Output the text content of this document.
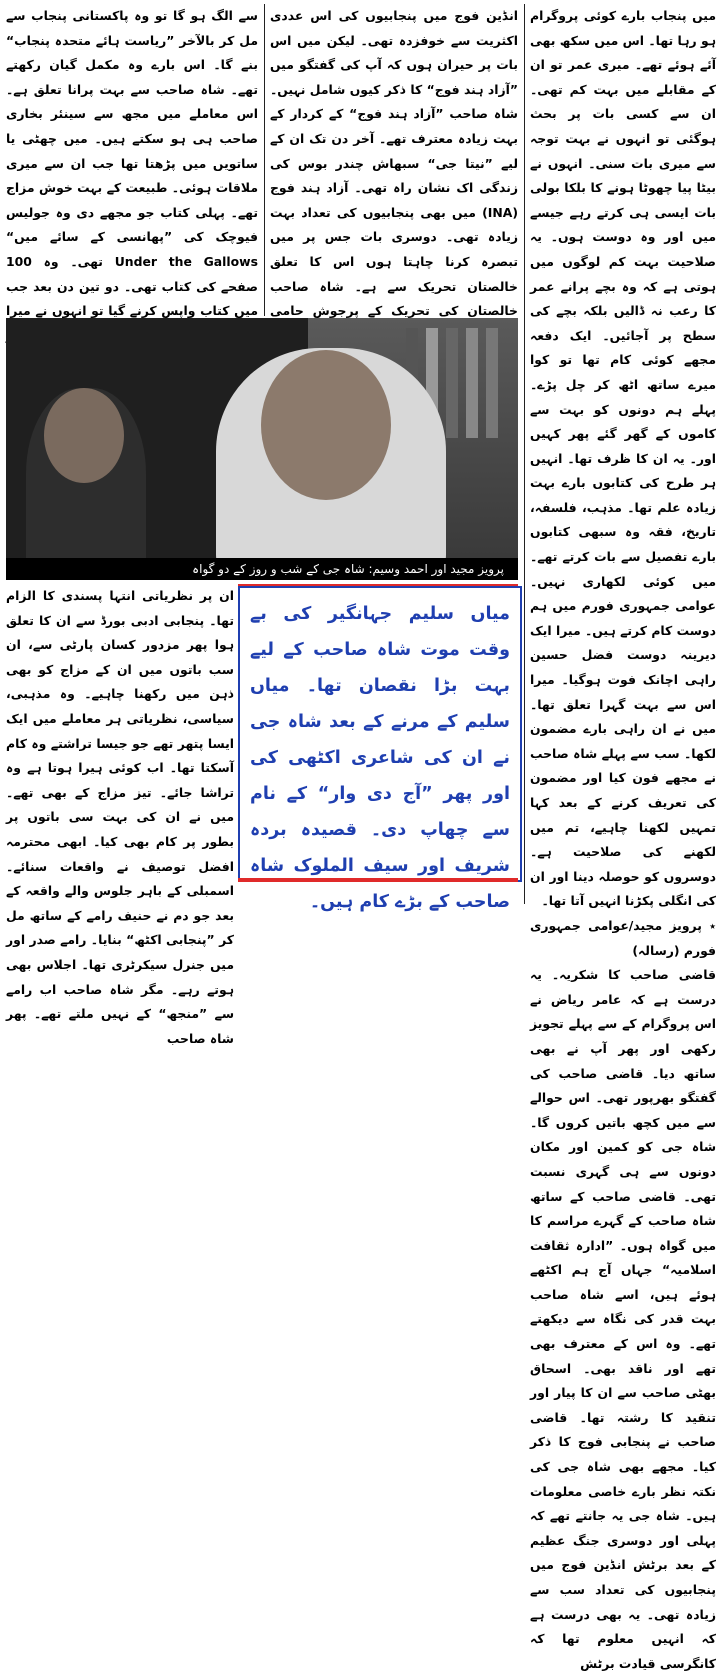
میں پنجاب بارے کوئی پروگرام ہو رہا تھا۔ اس میں سکھ بھی آئے ہوئے تھے۔ میری عمر تو ان کے مقابلے میں بہت کم تھی۔ ان سے کسی بات پر بحث ہوگئی تو انہوں نے بہت توجہ سے میری بات سنی۔ انہوں نے بیٹا پیا چھوٹا ہونے کا بلکا بولی بات ایسی ہی کرتے رہے جیسے میں اور وہ دوست ہوں۔ یہ صلاحیت بہت کم لوگوں میں ہوتی ہے کہ وہ بچے پرانے عمر کا رعب نہ ڈالیں بلکہ بچے کی سطح پر آجائیں۔ ایک دفعہ مجھے کوئی کام تھا تو کوا میرے ساتھ اٹھ کر چل پڑے۔ پہلے ہم دونوں کو بہت سے کاموں کے گھر گئے پھر کہیں اور۔ یہ ان کا ظرف تھا۔ انہیں ہر طرح کی کتابوں بارے بہت زیادہ علم تھا۔ مذہب، فلسفہ، تاریخ، فقہ وہ سبھی کتابوں بارے تفصیل سے بات کرتے تھے۔ میں کوئی لکھاری نہیں۔ عوامی جمہوری فورم میں ہم دوست کام کرتے ہیں۔ میرا ایک دیرینہ دوست فضل حسین راہی اچانک فوت ہوگیا۔ میرا اس سے بہت گہرا تعلق تھا۔ میں نے ان راہی بارے مضمون لکھا۔ سب سے پہلے شاہ صاحب نے مجھے فون کیا اور مضمون کی تعریف کرنے کے بعد کہا تمہیں لکھنا چاہیے، تم میں لکھنے کی صلاحیت ہے۔ دوسروں کو حوصلہ دینا اور ان کی انگلی پکڑنا انہیں آتا تھا۔

٭ پرویز مجید/عوامی جمہوری فورم (رسالہ)

قاضی صاحب کا شکریہ۔ یہ درست ہے کہ عامر ریاض نے اس پروگرام کے سے پہلے تجویز رکھی اور پھر آپ نے بھی ساتھ دیا۔ قاضی صاحب کی گفتگو بھرپور تھی۔ اس حوالے سے میں کچھ باتیں کروں گا۔ شاہ جی کو کمین اور مکان دونوں سے ہی گہری نسبت تھی۔ قاضی صاحب کے ساتھ شاہ صاحب کے گہرے مراسم کا میں گواہ ہوں۔ ”ادارہ ثقافت اسلامیہ“ جہاں آج ہم اکٹھے ہوئے ہیں، اسے شاہ صاحب بہت قدر کی نگاہ سے دیکھتے تھے۔ وہ اس کے معترف بھی تھے اور ناقد بھی۔ اسحاق بھٹی صاحب سے ان کا پیار اور تنقید کا رشتہ تھا۔ قاضی صاحب نے پنجابی فوج کا ذکر کیا۔ مجھے بھی شاہ جی کی نکتہ نظر بارے خاصی معلومات ہیں۔ شاہ جی یہ جانتے تھے کہ پہلی اور دوسری جنگ عظیم کے بعد برٹش انڈین فوج میں پنجابیوں کی تعداد سب سے زیادہ تھی۔ یہ بھی درست ہے کہ انہیں معلوم تھا کہ کانگرسی قیادت برٹش

انڈین فوج میں پنجابیوں کی اس عددی اکثریت سے خوفزدہ تھی۔ لیکن میں اس بات پر حیران ہوں کہ آپ کی گفتگو میں ”آزاد ہند فوج“ کا ذکر کیوں شامل نہیں۔ شاہ صاحب ”آزاد ہند فوج“ کے کردار کے بہت زیادہ معترف تھے۔ آخر دن تک ان کے لیے ”نیتا جی“ سبھاش چندر بوس کی زندگی اک نشان راہ تھی۔ آزاد ہند فوج (INA) میں بھی پنجابیوں کی تعداد بہت زیادہ تھی۔ دوسری بات جس پر میں تبصرہ کرنا چاہتا ہوں اس کا تعلق خالصتان تحریک سے ہے۔ شاہ صاحب خالصتان کی تحریک کے پرجوش حامی

سے الگ ہو گا تو وہ پاکستانی پنجاب سے مل کر بالآخر ”ریاست ہائے متحدہ پنجاب“ بنے گا۔ اس بارے وہ مکمل گیان رکھتے تھے۔ شاہ صاحب سے بہت پرانا تعلق ہے۔ اس معاملے میں مجھ سے سینئر بخاری صاحب ہی ہو سکتے ہیں۔ میں چھٹی یا ساتویں میں پڑھتا تھا جب ان سے میری ملاقات ہوئی۔ طبیعت کے بہت خوش مزاج تھے۔ پہلی کتاب جو مجھے دی وہ جولیس فیوچک کی ”پھانسی کے سائے میں“ Under the Gallows تھی۔ وہ 100 صفحے کی کتاب تھی۔ دو تین دن بعد جب میں کتاب واپس کرنے گیا تو انہوں نے میرا

پرویز مجید اور احمد وسیم: شاہ جی کے شب و روز کے دو گواہ

ان پر نظریاتی انتہا پسندی کا الزام تھا۔ پنجابی ادبی بورڈ سے ان کا تعلق ہوا پھر مزدور کسان پارٹی سے، ان سب باتوں میں ان کے مزاج کو بھی ذہن میں رکھنا چاہیے۔ وہ مذہبی، سیاسی، نظریاتی ہر معاملے میں ایک ایسا پتھر تھے جو جیسا تراشتے وہ کام آسکتا تھا۔ اب کوئی ہیرا ہوتا ہے وہ تراشا جائے۔ تیز مزاج کے بھی تھے۔ میں نے ان کی بہت سی باتوں پر بطور پر کام بھی کیا۔ ابھی محترمہ افضل توصیف نے واقعات سنائے۔ اسمبلی کے باہر جلوس والے واقعہ کے بعد جو دم نے حنیف رامے کے ساتھ مل کر ”پنجابی اکٹھ“ بنایا۔ رامے صدر اور میں جنرل سیکرٹری تھا۔ اجلاس بھی ہوتے رہے۔ مگر شاہ صاحب اب رامے سے ”منجھ“ کے نہیں ملتے تھے۔ پھر شاہ صاحب

میاں سلیم جہانگیر کی بے وقت موت شاہ صاحب کے لیے بہت بڑا نقصان تھا۔ میاں سلیم کے مرنے کے بعد شاہ جی نے ان کی شاعری اکٹھی کی اور پھر ”آج دی وار“ کے نام سے چھاپ دی۔ قصیدہ بردہ شریف اور سیف الملوک شاہ صاحب کے بڑے کام ہیں۔
